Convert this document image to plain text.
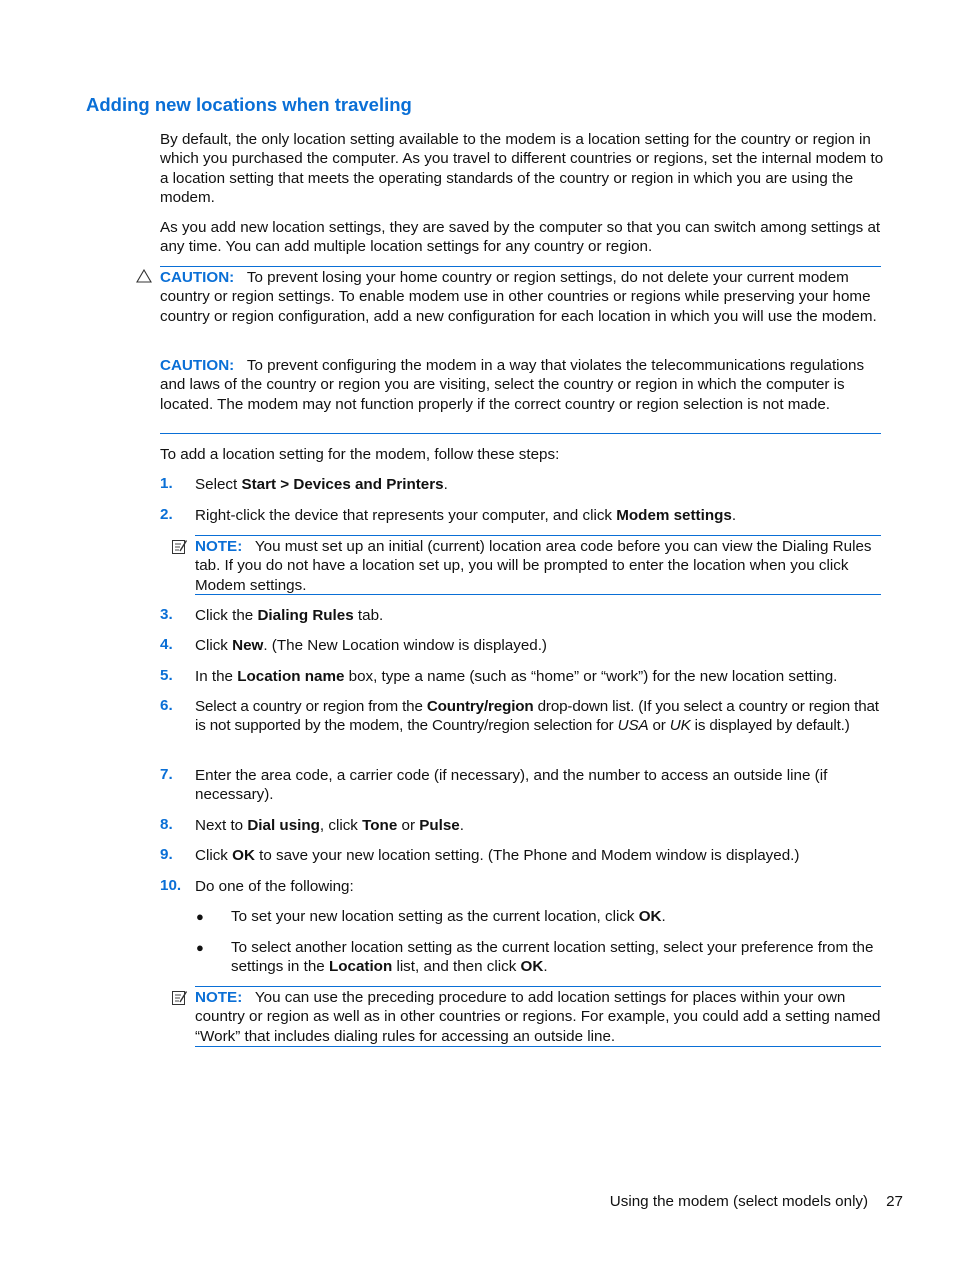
Adding new locations when traveling

By default, the only location setting available to the modem is a location setting for the country or region in which you purchased the computer. As you travel to different countries or regions, set the internal modem to a location setting that meets the operating standards of the country or region in which you are using the modem.

As you add new location settings, they are saved by the computer so that you can switch among settings at any time. You can add multiple location settings for any country or region.

CAUTION: To prevent losing your home country or region settings, do not delete your current modem country or region settings. To enable modem use in other countries or regions while preserving your home country or region configuration, add a new configuration for each location in which you will use the modem.

CAUTION: To prevent configuring the modem in a way that violates the telecommunications regulations and laws of the country or region you are visiting, select the country or region in which the computer is located. The modem may not function properly if the correct country or region selection is not made.

To add a location setting for the modem, follow these steps:

1. Select Start > Devices and Printers.

2. Right-click the device that represents your computer, and click Modem settings.

NOTE: You must set up an initial (current) location area code before you can view the Dialing Rules tab. If you do not have a location set up, you will be prompted to enter the location when you click Modem settings.

3. Click the Dialing Rules tab.

4. Click New. (The New Location window is displayed.)

5. In the Location name box, type a name (such as “home” or “work”) for the new location setting.

6. Select a country or region from the Country/region drop-down list. (If you select a country or region that is not supported by the modem, the Country/region selection for USA or UK is displayed by default.)

7. Enter the area code, a carrier code (if necessary), and the number to access an outside line (if necessary).

8. Next to Dial using, click Tone or Pulse.

9. Click OK to save your new location setting. (The Phone and Modem window is displayed.)

10. Do one of the following:

● To set your new location setting as the current location, click OK.

● To select another location setting as the current location setting, select your preference from the settings in the Location list, and then click OK.

NOTE: You can use the preceding procedure to add location settings for places within your own country or region as well as in other countries or regions. For example, you could add a setting named “Work” that includes dialing rules for accessing an outside line.

Using the modem (select models only) 27
